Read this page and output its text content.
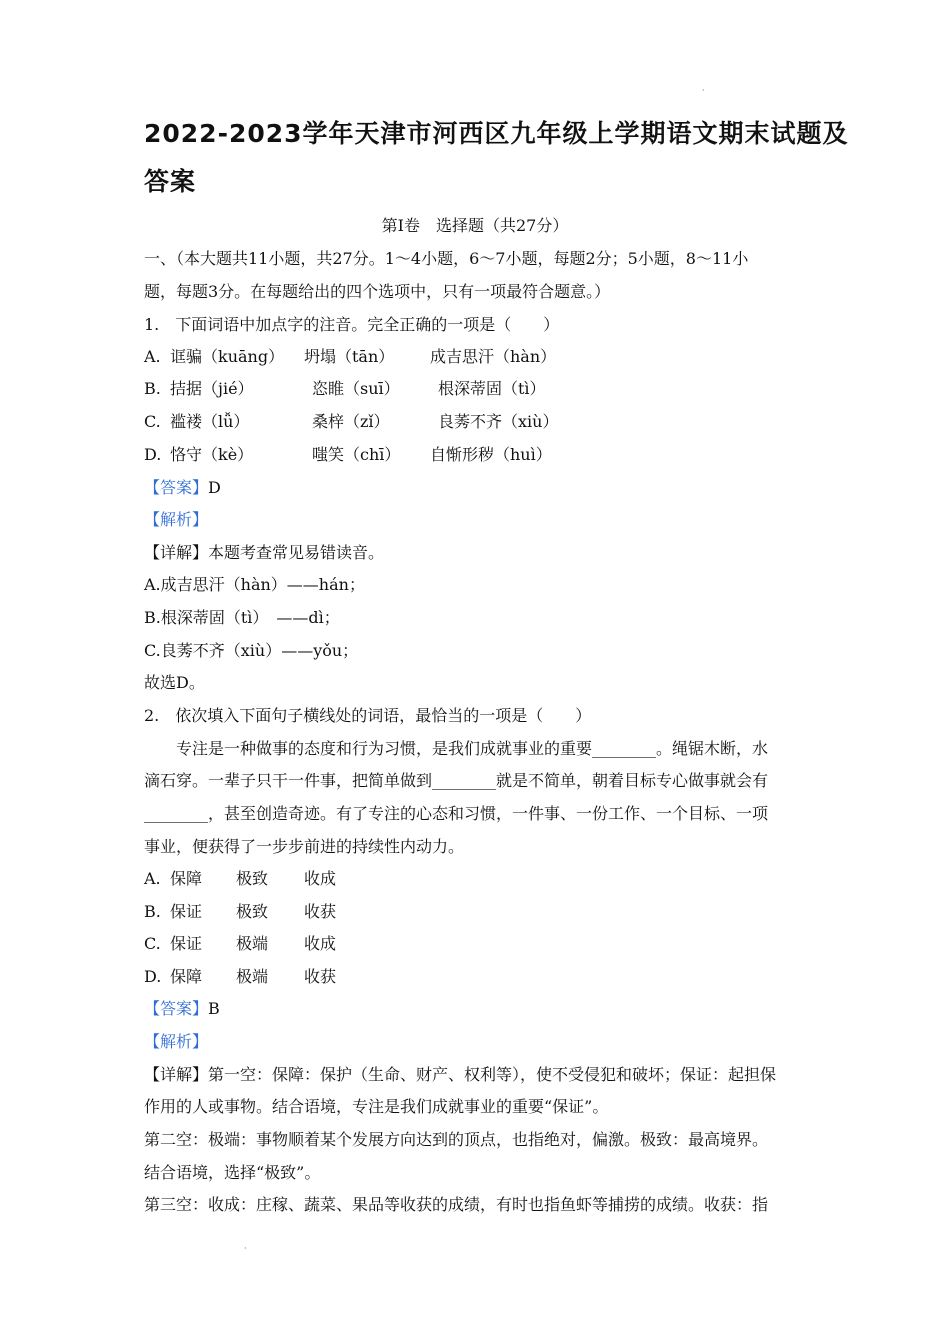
·
2022-2023学年天津市河西区九年级上学期语文期末试题及
答案
第Ⅰ卷　选择题（共27分）
一、（本大题共11小题，共27分。1～4小题，6～7小题，每题2分；5小题，8～11小
题，每题3分。在每题给出的四个选项中，只有一项最符合题意。）
1.　下面词语中加点字的注音。完全正确的一项是（　　）
A. 诓骗（kuāng） 坍塌（tān） 成吉思汗（hàn）
B. 拮据（jié）	恣睢（suī） 根深蒂固（tì）
C. 褴褛（lǚ）	桑梓（zǐ）	良莠不齐（xiù）
D. 恪守（kè）	嗤笑（chī） 自惭形秽（huì）
【答案】D
【解析】
【详解】本题考查常见易错读音。
A.成吉思汗（hàn）——hán；
B.根深蒂固（tì）　——dì；
C.良莠不齐（xiù）——yǒu；
故选D。
2.　依次填入下面句子横线处的词语，最恰当的一项是（　　）
　　专注是一种做事的态度和行为习惯，是我们成就事业的重要________。绳锯木断，水
滴石穿。一辈子只干一件事，把简单做到________就是不简单，朝着目标专心做事就会有
________，甚至创造奇迹。有了专注的心态和习惯，一件事、一份工作、一个目标、一项
事业，便获得了一步步前进的持续性内动力。
A. 保障 极致 收成
B. 保证 极致 收获
C. 保证 极端 收成
D. 保障 极端 收获
【答案】B
【解析】
【详解】第一空：保障：保护（生命、财产、权利等），使不受侵犯和破坏；保证：起担保
作用的人或事物。结合语境，专注是我们成就事业的重要“保证”。
第二空：极端：事物顺着某个发展方向达到的顶点，也指绝对，偏激。极致：最高境界。
结合语境，选择“极致”。
第三空：收成：庄稼、蔬菜、果品等收获的成绩，有时也指鱼虾等捕捞的成绩。收获：指
·
